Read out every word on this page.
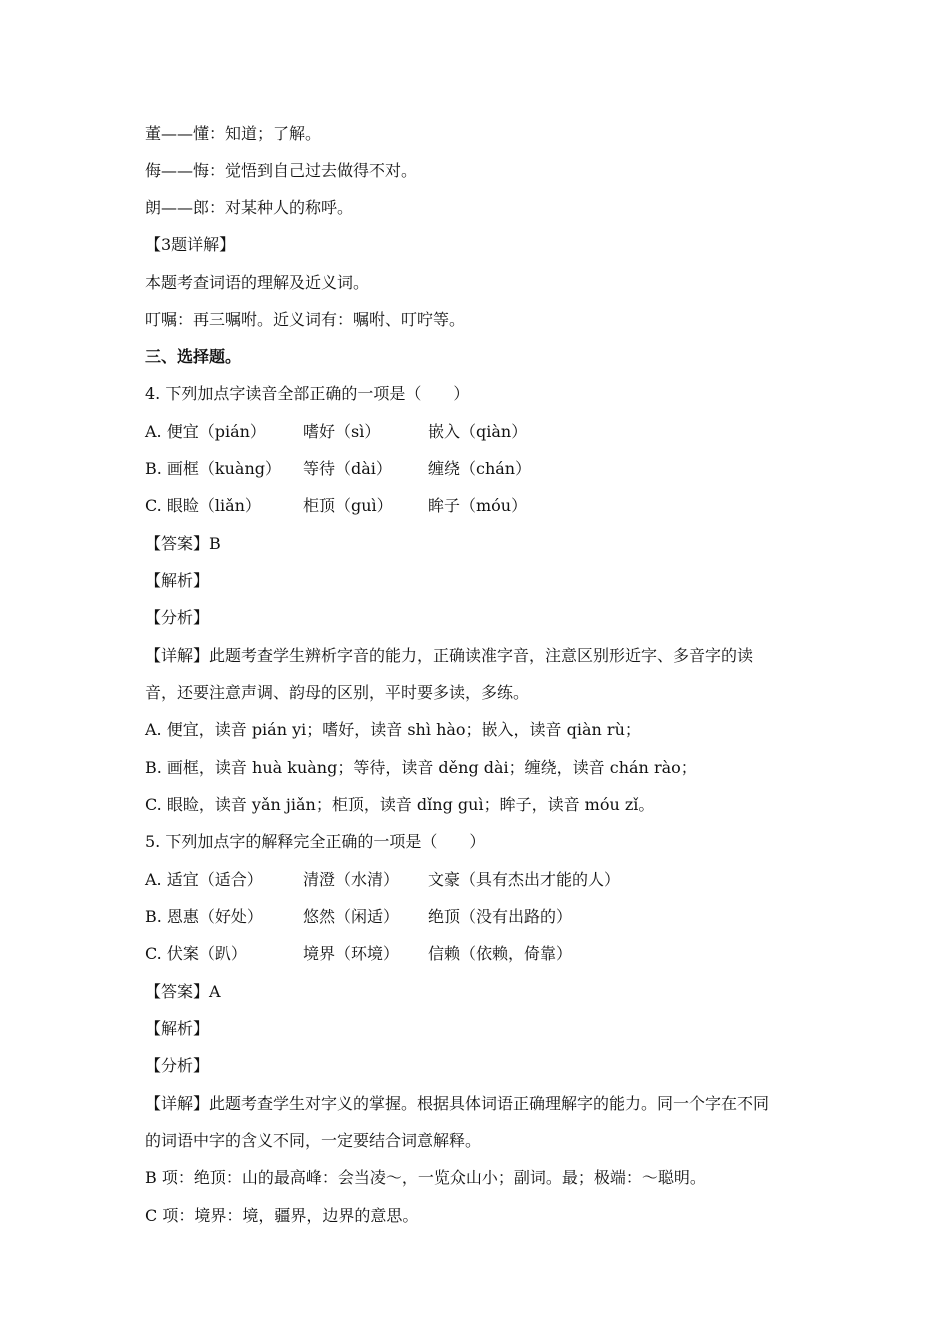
董——懂：知道；了解。
侮——悔：觉悟到自己过去做得不对。
朗——郎：对某种人的称呼。
【3题详解】
本题考查词语的理解及近义词。
叮嘱：再三嘱咐。近义词有：嘱咐、叮咛等。
三、选择题。
4. 下列加点字读音全部正确的一项是（　　）
A. 便宜（pián） 嗜好（sì）	嵌入（qiàn）
B. 画框（kuàng） 等待（dài） 缠绕（chán）
C. 眼睑（liǎn）	柜顶（guì） 眸子（móu）
【答案】B
【解析】
【分析】
【详解】此题考查学生辨析字音的能力，正确读准字音，注意区别形近字、多音字的读
音，还要注意声调、韵母的区别，平时要多读，多练。
A. 便宜，读音 pián yi；嗜好，读音 shì hào；嵌入，读音 qiàn rù；
B. 画框，读音 huà kuàng；等待，读音 děng dài；缠绕，读音 chán rào；
C. 眼睑，读音 yǎn jiǎn；柜顶，读音 dǐng guì；眸子，读音 móu zǐ。
5. 下列加点字的解释完全正确的一项是（　　）
A. 适宜（适合）	清澄（水清） 文豪（具有杰出才能的人）
B. 恩惠（好处）	悠然（闲适） 绝顶（没有出路的）
C. 伏案（趴）	境界（环境） 信赖（依赖，倚靠）
【答案】A
【解析】
【分析】
【详解】此题考查学生对字义的掌握。根据具体词语正确理解字的能力。同一个字在不同
的词语中字的含义不同，一定要结合词意解释。
B 项：绝顶：山的最高峰：会当凌～，一览众山小；副词。最；极端：～聪明。
C 项：境界：境，疆界，边界的意思。
